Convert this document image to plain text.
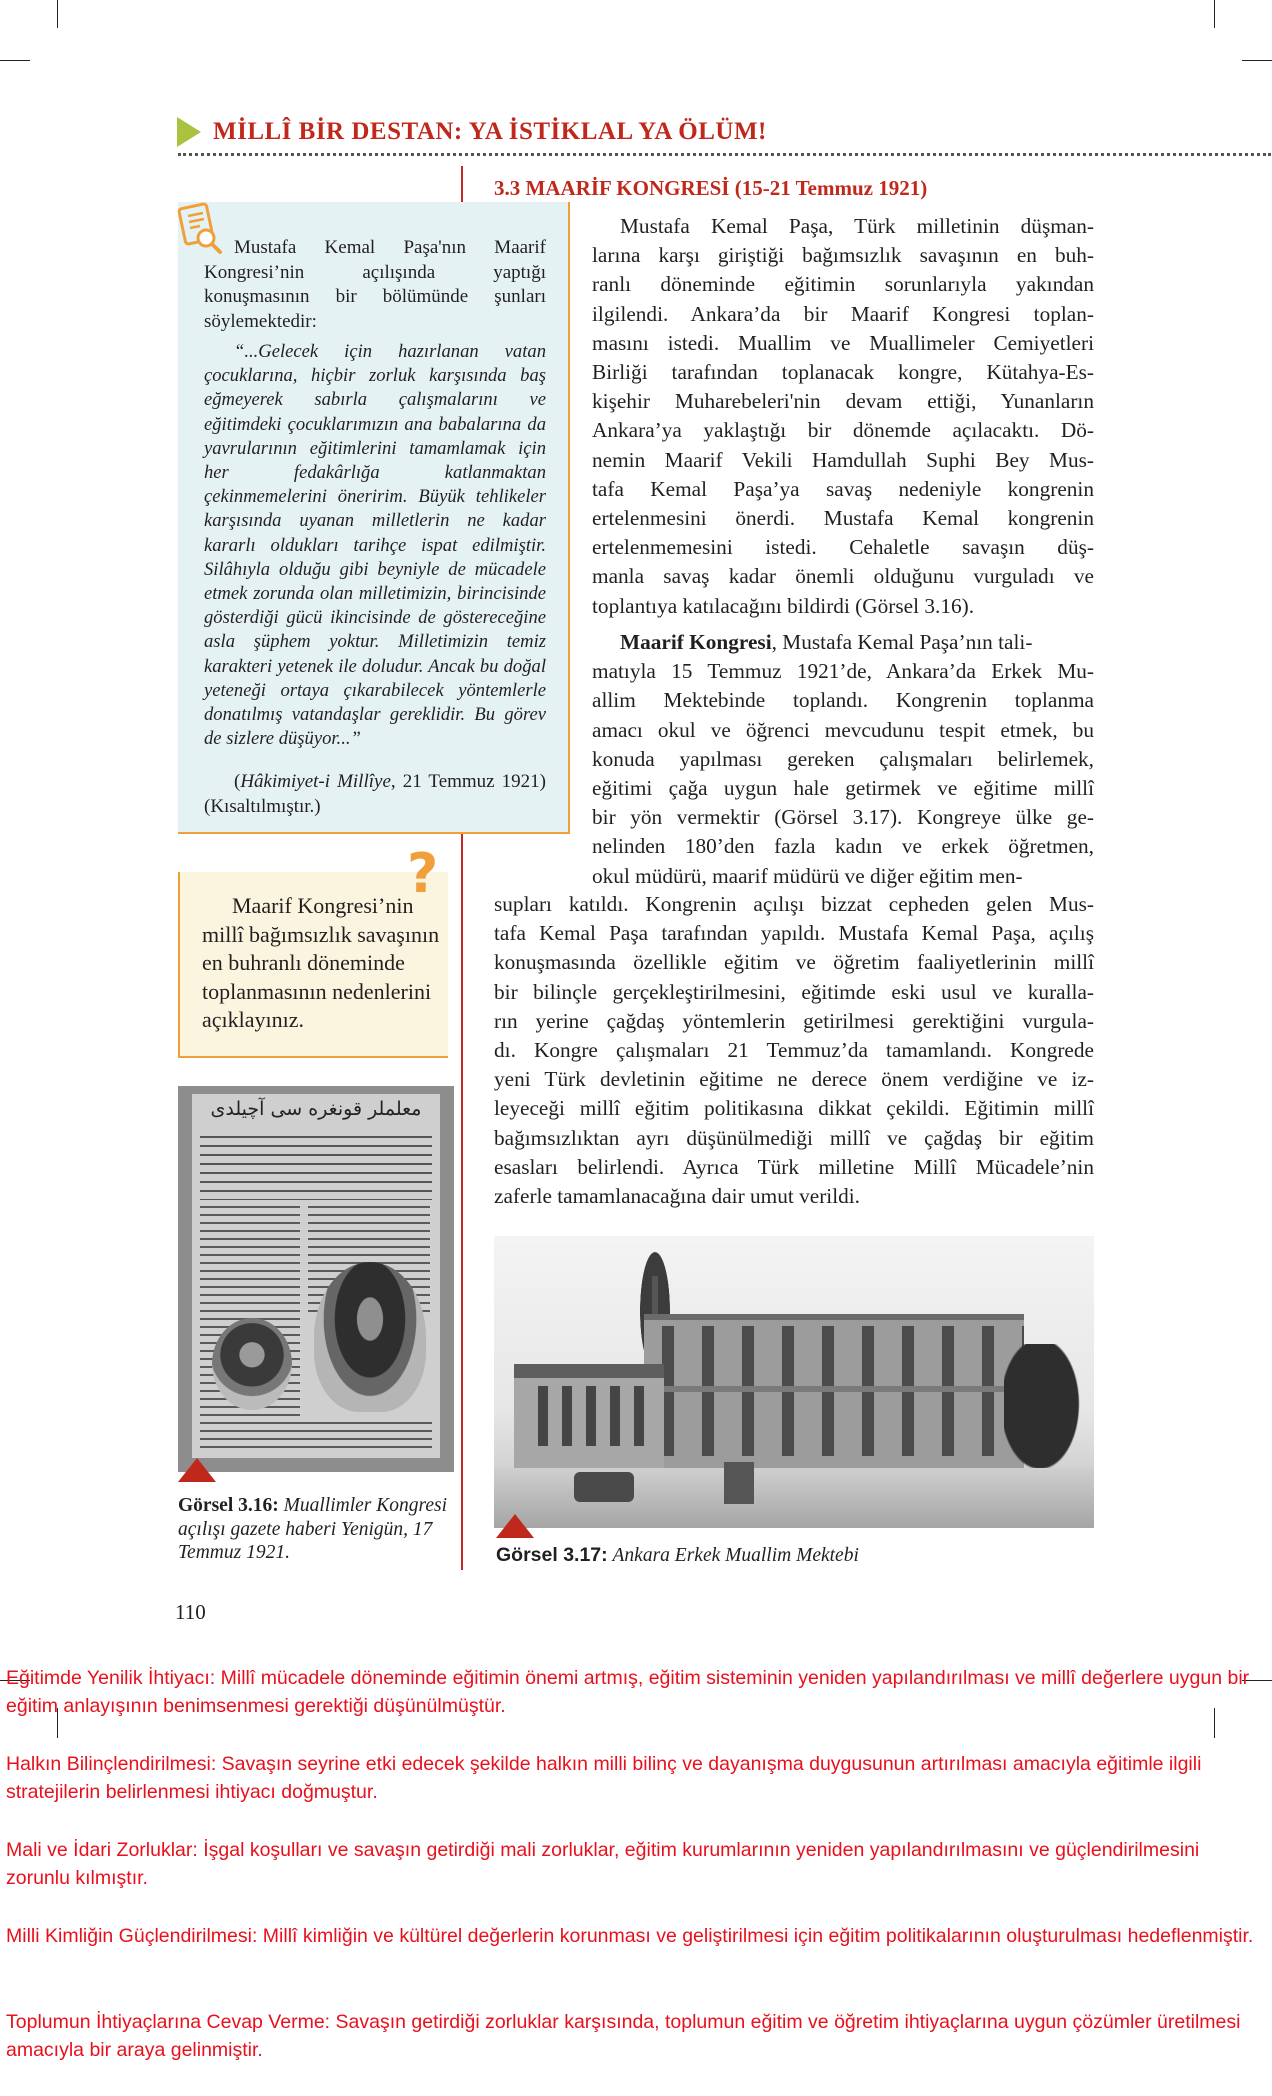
MİLLÎ BİR DESTAN: YA İSTİKLAL YA ÖLÜM!
3.3 MAARİF KONGRESİ (15-21 Temmuz 1921)
Mustafa Kemal Paşa, Türk milletinin düşman-
larına karşı giriştiği bağımsızlık savaşının en buh-
ranlı döneminde eğitimin sorunlarıyla yakından
ilgilendi. Ankara’da bir Maarif Kongresi toplan-
masını istedi. Muallim ve Muallimeler Cemiyetleri
Birliği tarafından toplanacak kongre, Kütahya-Es-
kişehir Muharebeleri'nin devam ettiği, Yunanların
Ankara’ya yaklaştığı bir dönemde açılacaktı. Dö-
nemin Maarif Vekili Hamdullah Suphi Bey Mus-
tafa Kemal Paşa’ya savaş nedeniyle kongrenin
ertelenmesini önerdi. Mustafa Kemal kongrenin
ertelenmemesini istedi. Cehaletle savaşın düş-
manla savaş kadar önemli olduğunu vurguladı ve
toplantıya katılacağını bildirdi (Görsel 3.16).
Maarif Kongresi, Mustafa Kemal Paşa’nın tali-
matıyla 15 Temmuz 1921’de, Ankara’da Erkek Mu-
allim Mektebinde toplandı. Kongrenin toplanma
amacı okul ve öğrenci mevcudunu tespit etmek, bu
konuda yapılması gereken çalışmaları belirlemek,
eğitimi çağa uygun hale getirmek ve eğitime millî
bir yön vermektir (Görsel 3.17). Kongreye ülke ge-
nelinden 180’den fazla kadın ve erkek öğretmen,
okul müdürü, maarif müdürü ve diğer eğitim men-
supları katıldı. Kongrenin açılışı bizzat cepheden gelen Mus-
tafa Kemal Paşa tarafından yapıldı. Mustafa Kemal Paşa, açılış
konuşmasında özellikle eğitim ve öğretim faaliyetlerinin millî
bir bilinçle gerçekleştirilmesini, eğitimde eski usul ve kuralla-
rın yerine çağdaş yöntemlerin getirilmesi gerektiğini vurgula-
dı. Kongre çalışmaları 21 Temmuz’da tamamlandı. Kongrede
yeni Türk devletinin eğitime ne derece önem verdiğine ve iz-
leyeceği millî eğitim politikasına dikkat çekildi. Eğitimin millî
bağımsızlıktan ayrı düşünülmediği millî ve çağdaş bir eğitim
esasları belirlendi. Ayrıca Türk milletine Millî Mücadele’nin
zaferle tamamlanacağına dair umut verildi.
Mustafa Kemal Paşa'nın Maarif Kongresi’nin açılışında yaptığı konuşmasının bir bölümünde şunları söylemektedir:
“...Gelecek için hazırlanan vatan çocuklarına, hiçbir zorluk karşısında baş eğmeyerek sabırla çalışmalarını ve eğitimdeki çocuklarımızın ana babalarına da yavrularının eğitimlerini tamamlamak için her fedakârlığa katlanmaktan çekinmemelerini öneririm. Büyük tehlikeler karşısında uyanan milletlerin ne kadar kararlı oldukları tarihçe ispat edilmiştir. Silâhıyla olduğu gibi beyniyle de mücadele etmek zorunda olan milletimizin, birincisinde gösterdiği gücü ikincisinde de göstereceğine asla şüphem yoktur. Milletimizin temiz karakteri yetenek ile doludur. Ancak bu doğal yeteneği ortaya çıkarabilecek yöntemlerle donatılmış vatandaşlar gereklidir. Bu görev de sizlere düşüyor...”
(Hâkimiyet-i Millîye, 21 Temmuz 1921) (Kısaltılmıştır.)
?
Maarif Kongresi’nin millî bağımsızlık savaşının en buhranlı döneminde toplanmasının nedenlerini açıklayınız.
معلملر قونغره سى آچيلدى
Görsel 3.16: Muallimler Kongresi açılışı gazete haberi Yenigün, 17 Temmuz 1921.	Görsel 3.17: Ankara Erkek Muallim Mektebi
110
Eğitimde Yenilik İhtiyacı: Millî mücadele döneminde eğitimin önemi artmış, eğitim sisteminin yeniden yapılandırılması ve millî değerlere uygun bir eğitim anlayışının benimsenmesi gerektiği düşünülmüştür.
Halkın Bilinçlendirilmesi: Savaşın seyrine etki edecek şekilde halkın milli bilinç ve dayanışma duygusunun artırılması amacıyla eğitimle ilgili stratejilerin belirlenmesi ihtiyacı doğmuştur.
Mali ve İdari Zorluklar: İşgal koşulları ve savaşın getirdiği mali zorluklar, eğitim kurumlarının yeniden yapılandırılmasını ve güçlendirilmesini zorunlu kılmıştır.
Milli Kimliğin Güçlendirilmesi: Millî kimliğin ve kültürel değerlerin korunması ve geliştirilmesi için eğitim politikalarının oluşturulması hedeflenmiştir.
Toplumun İhtiyaçlarına Cevap Verme: Savaşın getirdiği zorluklar karşısında, toplumun eğitim ve öğretim ihtiyaçlarına uygun çözümler üretilmesi amacıyla bir araya gelinmiştir.
